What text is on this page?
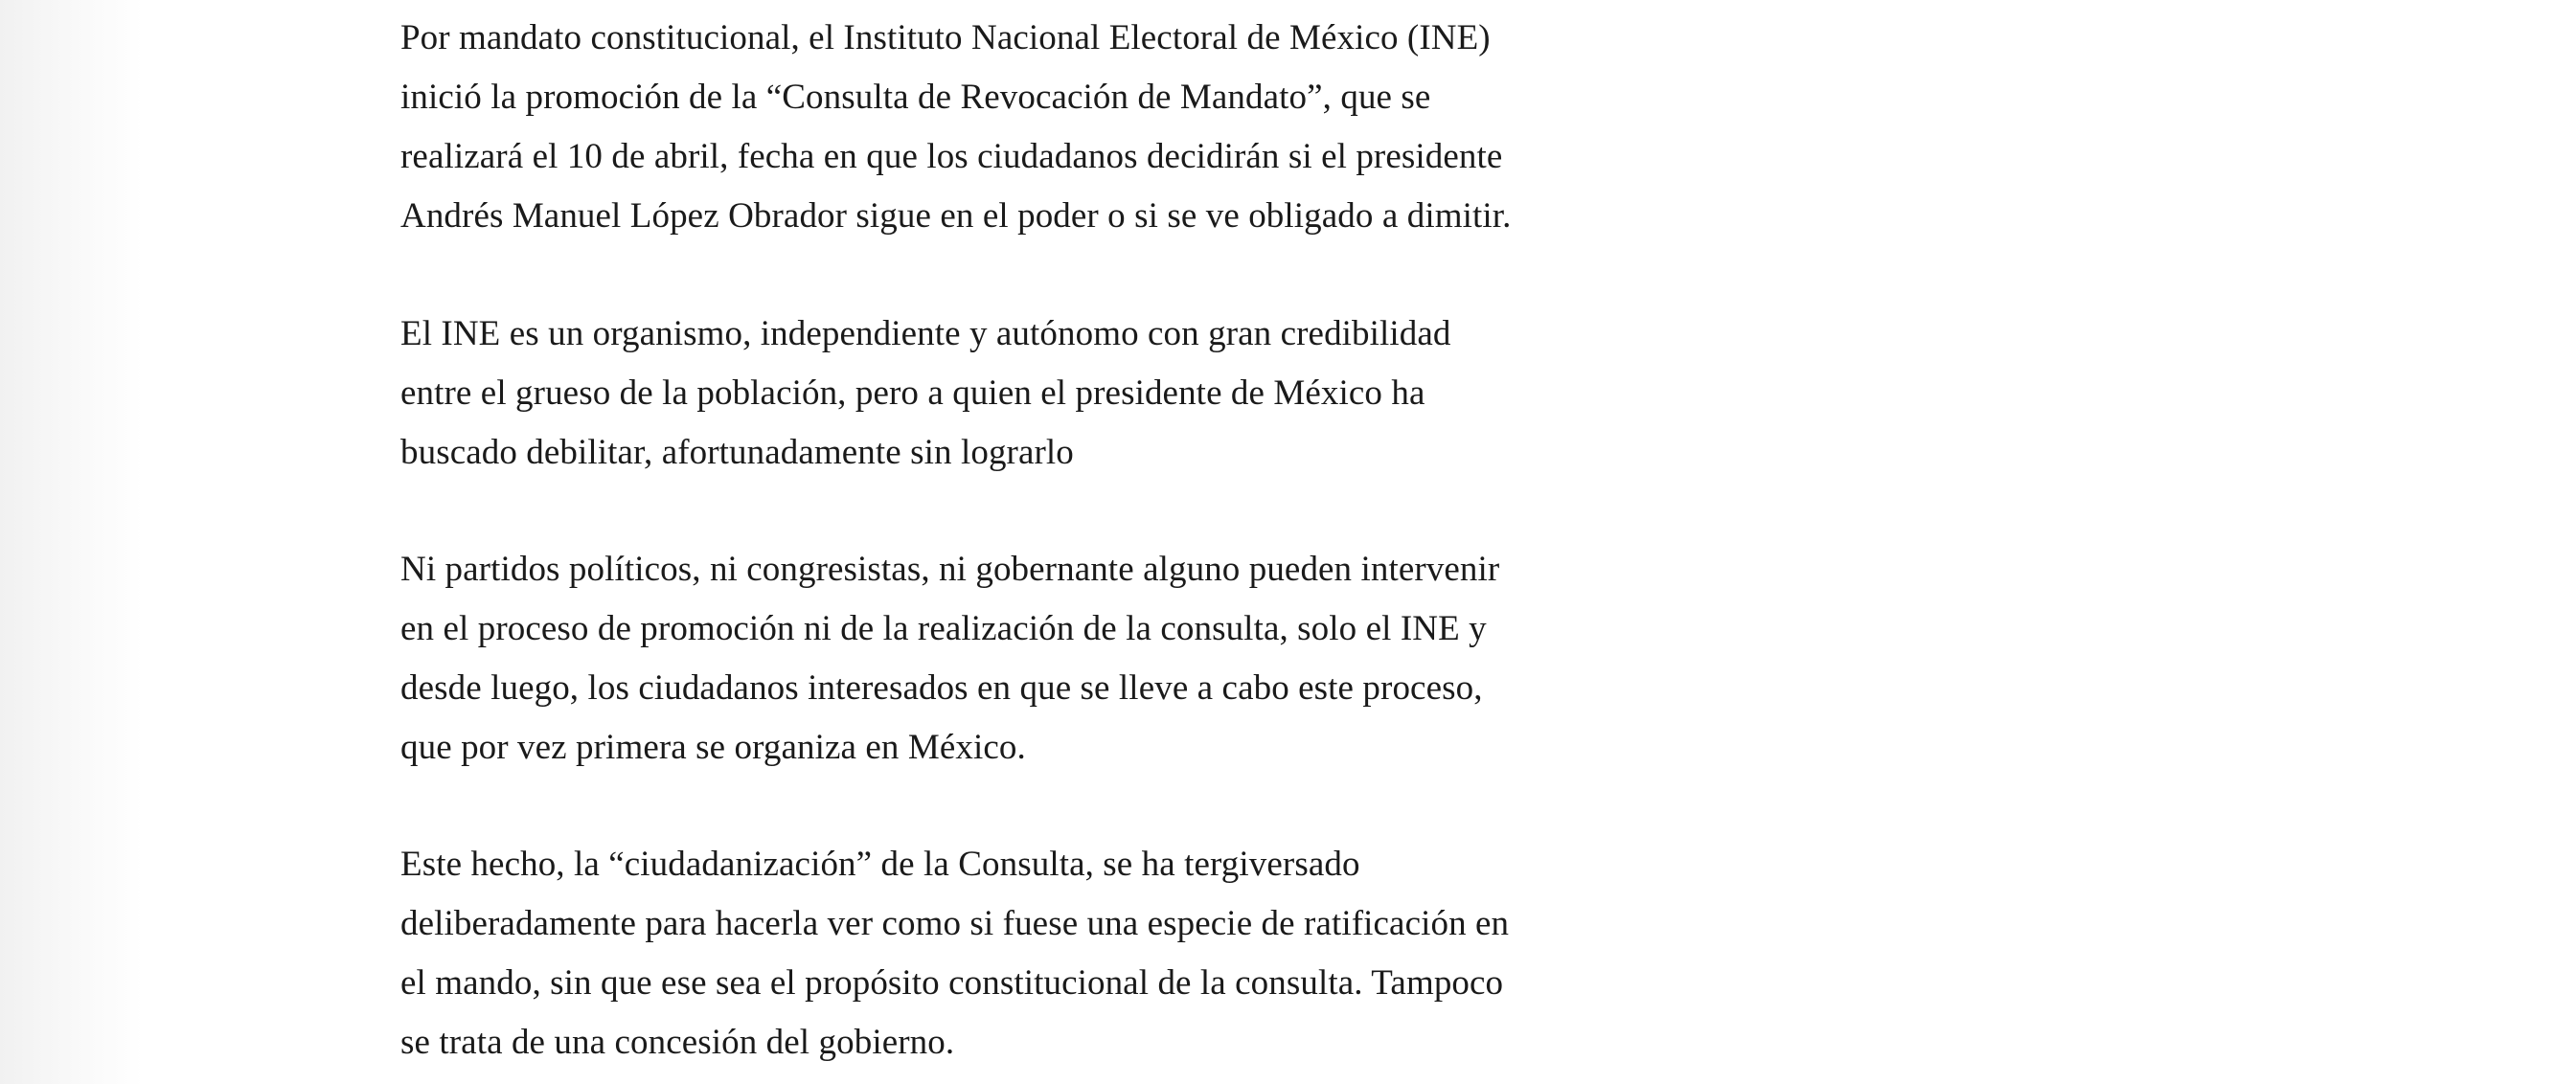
Por mandato constitucional, el Instituto Nacional Electoral de México (INE)
inició la promoción de la “Consulta de Revocación de Mandato”, que se
realizará el 10 de abril, fecha en que los ciudadanos decidirán si el presidente
Andrés Manuel López Obrador sigue en el poder o si se ve obligado a dimitir.

El INE es un organismo, independiente y autónomo con gran credibilidad
entre el grueso de la población, pero a quien el presidente de México ha
buscado debilitar, afortunadamente sin lograrlo

Ni partidos políticos, ni congresistas, ni gobernante alguno pueden intervenir
en el proceso de promoción ni de la realización de la consulta, solo el INE y
desde luego, los ciudadanos interesados en que se lleve a cabo este proceso,
que por vez primera se organiza en México.

Este hecho, la “ciudadanización” de la Consulta, se ha tergiversado
deliberadamente para hacerla ver como si fuese una especie de ratificación en
el mando, sin que ese sea el propósito constitucional de la consulta. Tampoco
se trata de una concesión del gobierno.
